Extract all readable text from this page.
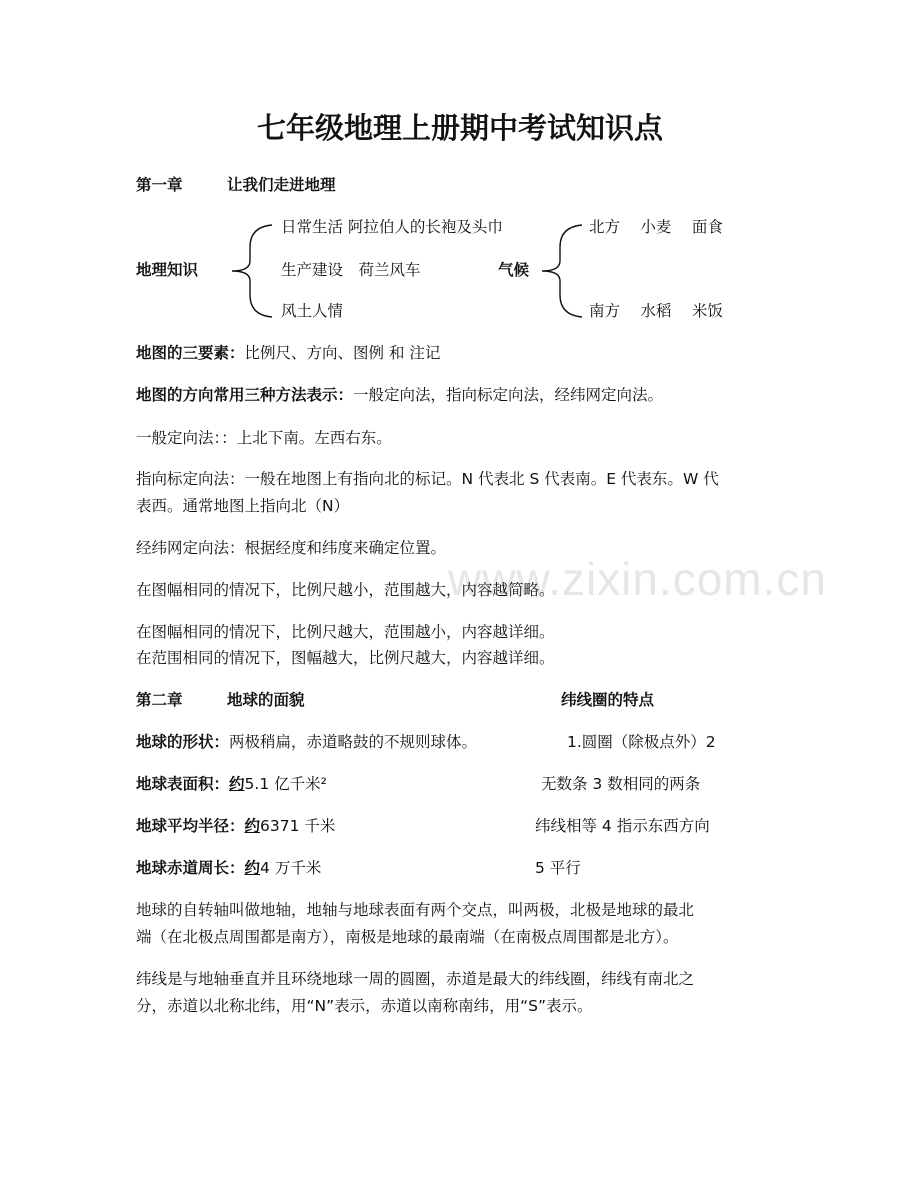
www.zixin.com.cn
七年级地理上册期中考试知识点
第一章	让我们走进地理
地理知识
日常生活 阿拉伯人的长袍及头巾
生产建设　荷兰风车
风土人情
气候
北方　 小麦　 面食
南方　 水稻　 米饭
地图的三要素：比例尺、方向、图例 和 注记
地图的方向常用三种方法表示：一般定向法，指向标定向法，经纬网定向法。
一般定向法：：上北下南。左西右东。
指向标定向法：一般在地图上有指向北的标记。N 代表北 S 代表南。E 代表东。W 代
表西。通常地图上指向北（N）
经纬网定向法：根据经度和纬度来确定位置。
在图幅相同的情况下，比例尺越小，范围越大，内容越简略。
在图幅相同的情况下，比例尺越大，范围越小，内容越详细。
在范围相同的情况下，图幅越大，比例尺越大，内容越详细。
第二章	地球的面貌	纬线圈的特点
地球的形状：两极稍扁，赤道略鼓的不规则球体。	1.圆圈（除极点外）2
地球表面积：约5.1 亿千米²	无数条 3 数相同的两条
地球平均半径：约6371 千米	纬线相等 4 指示东西方向
地球赤道周长：约4 万千米	5 平行
地球的自转轴叫做地轴，地轴与地球表面有两个交点，叫两极，北极是地球的最北
端（在北极点周围都是南方），南极是地球的最南端（在南极点周围都是北方）。
纬线是与地轴垂直并且环绕地球一周的圆圈，赤道是最大的纬线圈，纬线有南北之
分，赤道以北称北纬，用“N”表示，赤道以南称南纬，用“S”表示。
